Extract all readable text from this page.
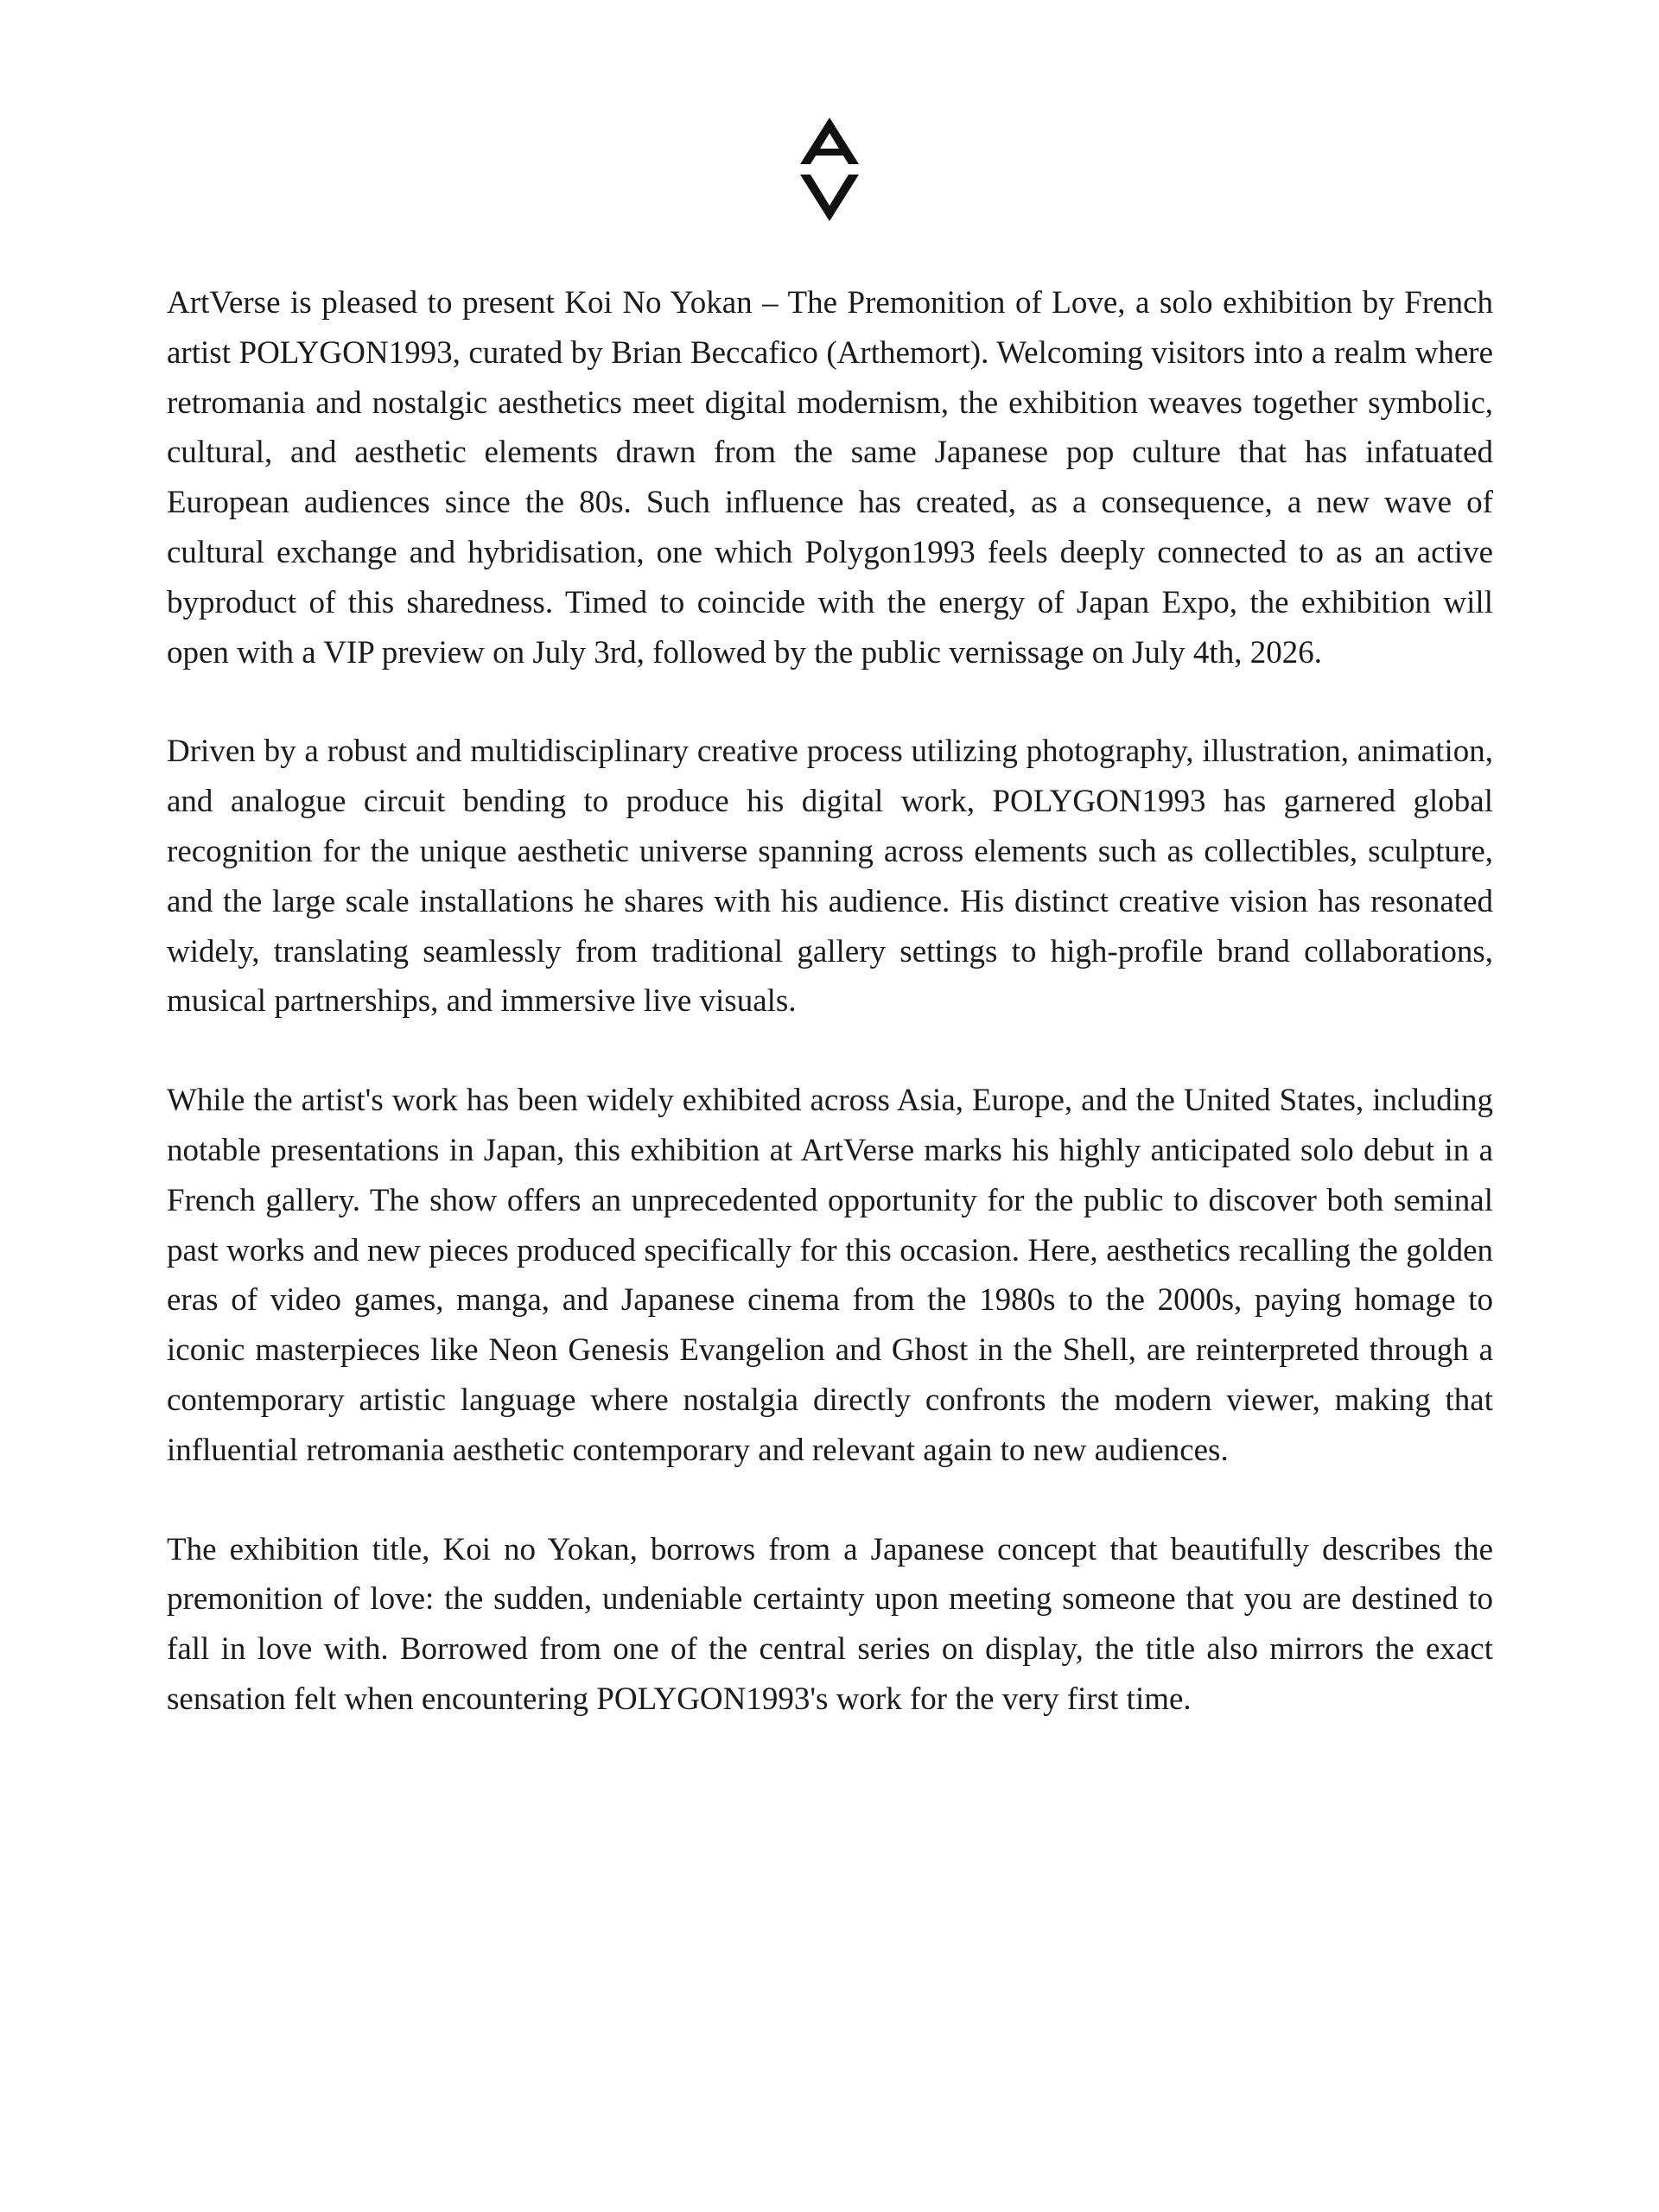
ArtVerse is pleased to present Koi No Yokan – The Premonition of Love, a solo exhibition by French artist POLYGON1993, curated by Brian Beccafico (Arthemort). Welcoming visitors into a realm where retromania and nostalgic aesthetics meet digital modernism, the exhibition weaves together symbolic, cultural, and aesthetic elements drawn from the same Japanese pop culture that has infatuated European audiences since the 80s. Such influence has created, as a consequence, a new wave of cultural exchange and hybridisation, one which Polygon1993 feels deeply connected to as an active byproduct of this sharedness. Timed to coincide with the energy of Japan Expo, the exhibition will open with a VIP preview on July 3rd, followed by the public vernissage on July 4th, 2026.

Driven by a robust and multidisciplinary creative process utilizing photography, illustration, animation, and analogue circuit bending to produce his digital work, POLYGON1993 has garnered global recognition for the unique aesthetic universe spanning across elements such as collectibles, sculpture, and the large scale installations he shares with his audience. His distinct creative vision has resonated widely, translating seamlessly from traditional gallery settings to high-profile brand collaborations, musical partnerships, and immersive live visuals.

While the artist's work has been widely exhibited across Asia, Europe, and the United States, including notable presentations in Japan, this exhibition at ArtVerse marks his highly anticipated solo debut in a French gallery. The show offers an unprecedented opportunity for the public to discover both seminal past works and new pieces produced specifically for this occasion. Here, aesthetics recalling the golden eras of video games, manga, and Japanese cinema from the 1980s to the 2000s, paying homage to iconic masterpieces like Neon Genesis Evangelion and Ghost in the Shell, are reinterpreted through a contemporary artistic language where nostalgia directly confronts the modern viewer, making that influential retromania aesthetic contemporary and relevant again to new audiences.

The exhibition title, Koi no Yokan, borrows from a Japanese concept that beautifully describes the premonition of love: the sudden, undeniable certainty upon meeting someone that you are destined to fall in love with. Borrowed from one of the central series on display, the title also mirrors the exact sensation felt when encountering POLYGON1993's work for the very first time.
